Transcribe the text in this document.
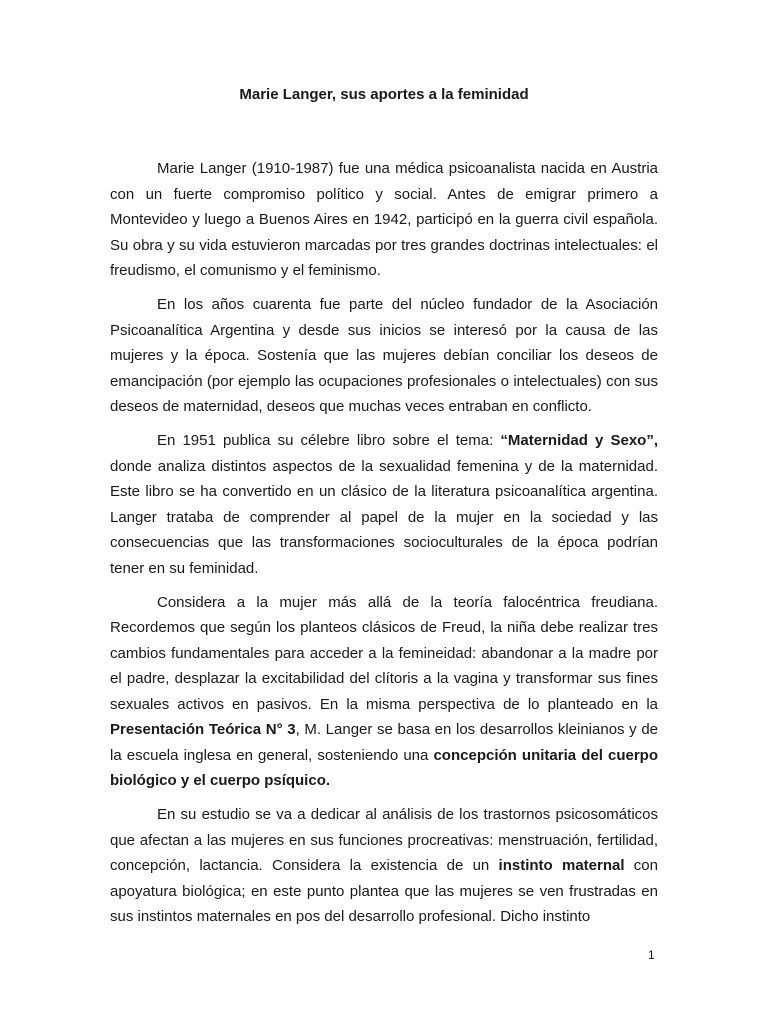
Marie Langer, sus aportes a la feminidad

Marie Langer (1910-1987) fue una médica psicoanalista nacida en Austria con un fuerte compromiso político y social. Antes de emigrar primero a Montevideo y luego a Buenos Aires en 1942, participó en la guerra civil española. Su obra y su vida estuvieron marcadas por tres grandes doctrinas intelectuales: el freudismo, el comunismo y el feminismo.

En los años cuarenta fue parte del núcleo fundador de la Asociación Psicoanalítica Argentina y desde sus inicios se interesó por la causa de las mujeres y la época. Sostenía que las mujeres debían conciliar los deseos de emancipación (por ejemplo las ocupaciones profesionales o intelectuales) con sus deseos de maternidad, deseos que muchas veces entraban en conflicto.

En 1951 publica su célebre libro sobre el tema: “Maternidad y Sexo”, donde analiza distintos aspectos de la sexualidad femenina y de la maternidad. Este libro se ha convertido en un clásico de la literatura psicoanalítica argentina. Langer trataba de comprender al papel de la mujer en la sociedad y las consecuencias que las transformaciones socioculturales de la época podrían tener en su feminidad.

Considera a la mujer más allá de la teoría falocéntrica freudiana. Recordemos que según los planteos clásicos de Freud, la niña debe realizar tres cambios fundamentales para acceder a la femineidad: abandonar a la madre por el padre, desplazar la excitabilidad del clítoris a la vagina y transformar sus fines sexuales activos en pasivos. En la misma perspectiva de lo planteado en la Presentación Teórica N° 3, M. Langer se basa en los desarrollos kleinianos y de la escuela inglesa en general, sosteniendo una concepción unitaria del cuerpo biológico y el cuerpo psíquico.

En su estudio se va a dedicar al análisis de los trastornos psicosomáticos que afectan a las mujeres en sus funciones procreativas: menstruación, fertilidad, concepción, lactancia. Considera la existencia de un instinto maternal con apoyatura biológica; en este punto plantea que las mujeres se ven frustradas en sus instintos maternales en pos del desarrollo profesional. Dicho instinto

1
